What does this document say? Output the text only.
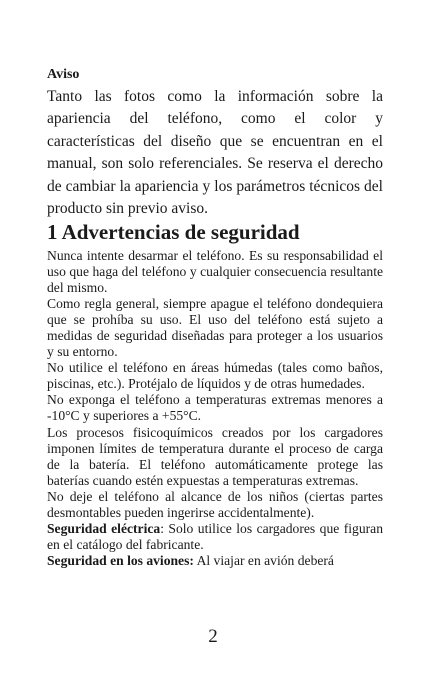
Aviso
Tanto las fotos como la información sobre la apariencia del teléfono, como el color y características del diseño que se encuentran en el manual, son solo referenciales. Se reserva el derecho de cambiar la apariencia y los parámetros técnicos del producto sin previo aviso.
1 Advertencias de seguridad

Nunca intente desarmar el teléfono. Es su responsabilidad el uso que haga del teléfono y cualquier consecuencia resultante del mismo.

Como regla general, siempre apague el teléfono dondequiera que se prohíba su uso. El uso del teléfono está sujeto a medidas de seguridad diseñadas para proteger a los usuarios y su entorno.

No utilice el teléfono en áreas húmedas (tales como baños, piscinas, etc.). Protéjalo de líquidos y de otras humedades.

No exponga el teléfono a temperaturas extremas menores a -10°C y superiores a +55°C.

Los procesos fisicoquímicos creados por los cargadores imponen límites de temperatura durante el proceso de carga de la batería. El teléfono automáticamente protege las baterías cuando estén expuestas a temperaturas extremas.

No deje el teléfono al alcance de los niños (ciertas partes desmontables pueden ingerirse accidentalmente).

Seguridad eléctrica: Solo utilice los cargadores que figuran en el catálogo del fabricante.

Seguridad en los aviones: Al viajar en avión deberá

2
